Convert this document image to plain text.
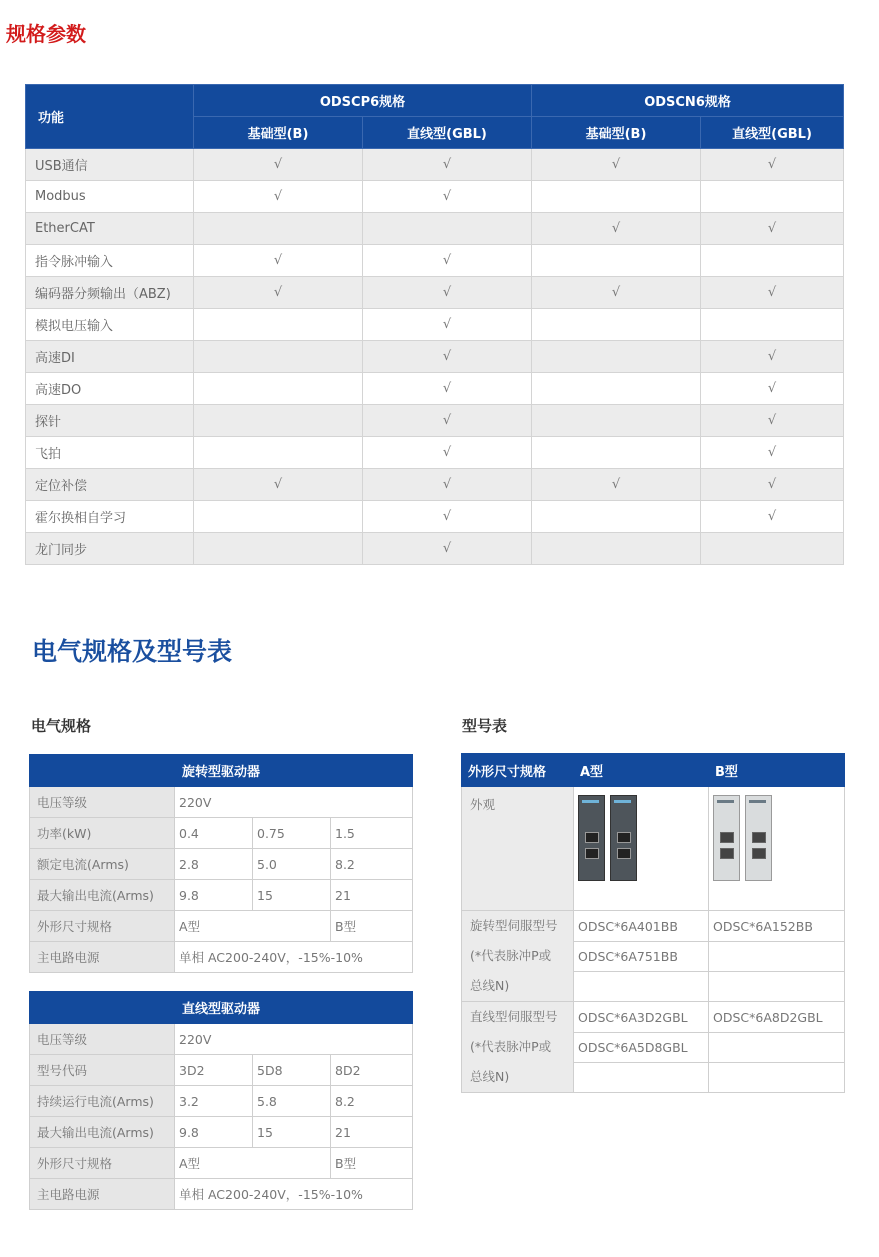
规格参数
功能	ODSCP6规格		ODSCN6规格	
	基础型(B)	直线型(GBL)	基础型(B)	直线型(GBL)
USB通信	√	√	√	√
Modbus	√	√		
EtherCAT			√	√
指令脉冲输入	√	√		
编码器分频输出（ABZ)	√	√	√	√
模拟电压输入		√		
高速DI		√		√
高速DO		√		√
探针		√		√
飞拍		√		√
定位补偿	√	√	√	√
霍尔换相自学习		√		√
龙门同步		√		
电气规格及型号表
电气规格	型号表
旋转型驱动器			
电压等级	220V		
功率(kW)	0.4	0.75	1.5
额定电流(Arms)	2.8	5.0	8.2
最大输出电流(Arms)	9.8	15	21
外形尺寸规格	A型		B型
主电路电源	单相 AC200-240V，-15%-10%		
直线型驱动器			
电压等级	220V		
型号代码	3D2	5D8	8D2
持续运行电流(Arms)	3.2	5.8	8.2
最大输出电流(Arms)	9.8	15	21
外形尺寸规格	A型		B型
主电路电源	单相 AC200-240V，-15%-10%		
外形尺寸规格	A型	B型
外观	

旋转型伺服型号
(*代表脉冲P或
总线N)	ODSC*6A401BB	ODSC*6A152BB
	ODSC*6A751BB	

直线型伺服型号
(*代表脉冲P或
总线N)	ODSC*6A3D2GBL	ODSC*6A8D2GBL
	ODSC*6A5D8GBL	
